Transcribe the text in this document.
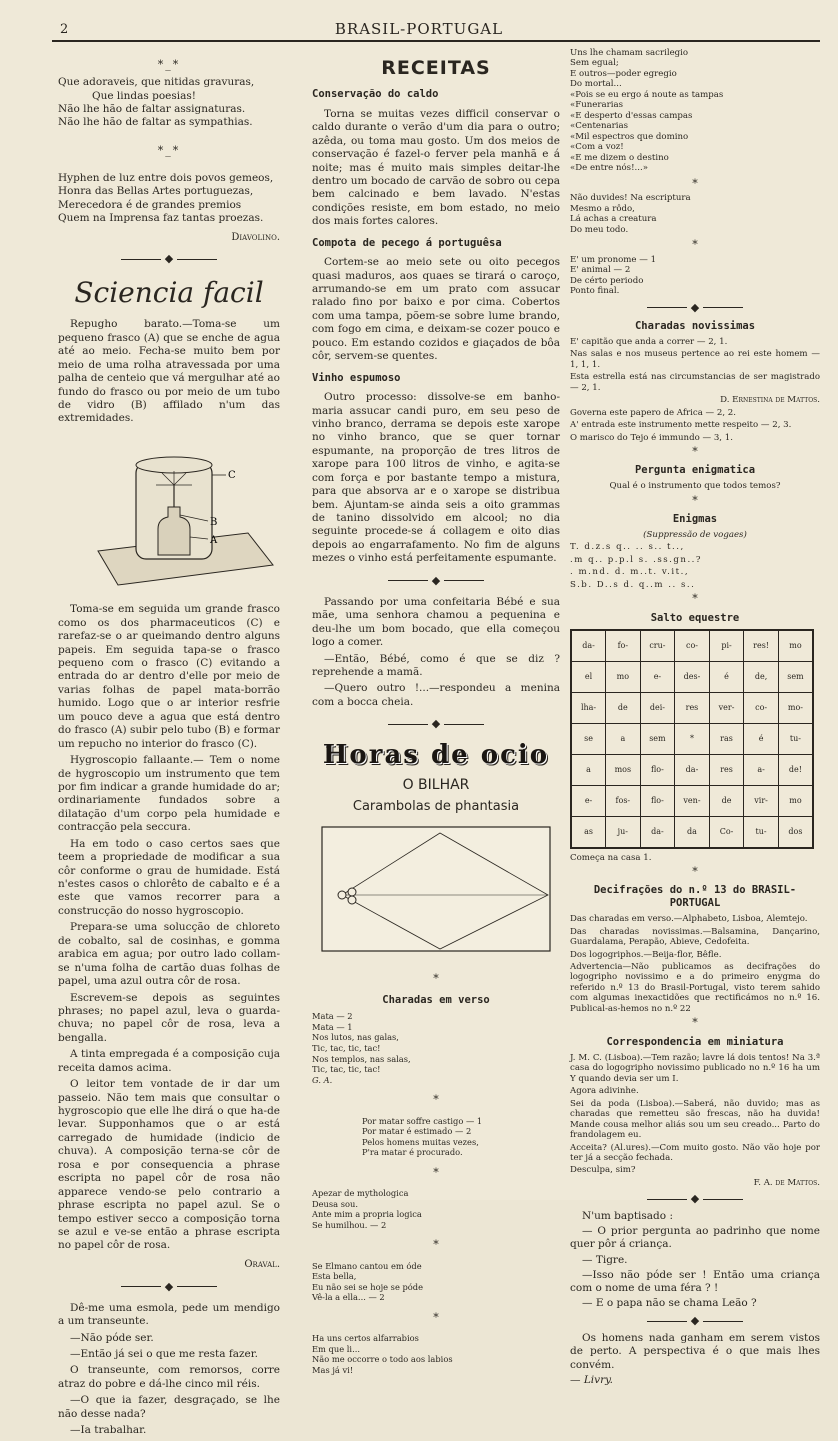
2	BRASIL-PORTUGAL
*_*

Que adoraveis, que nitidas gravuras,

Que lindas poesias!

Não lhe hão de faltar assignaturas.

Não lhe hão de faltar as sympathias.

*_*

Hyphen de luz entre dois povos gemeos,

Honra das Bellas Artes portuguezas,

Merecedora é de grandes premios

Quem na Imprensa faz tantas proezas.

Diavolino.
◆
Sciencia facil

Repugho barato.—Toma-se um pequeno frasco (A) que se enche de agua até ao meio. Fecha-se muito bem por meio de uma rolha atravessada por uma palha de centeio que vá mergulhar até ao fundo do frasco ou por meio de um tubo de vidro (B) affilado n'um das extremidades.

C
B
A

Toma-se em seguida um grande frasco como os dos pharmaceuticos (C) e rarefaz-se o ar queimando dentro alguns papeis. Em seguida tapa-se o frasco pequeno com o frasco (C) evitando a entrada do ar dentro d'elle por meio de varias folhas de papel mata-borrão humido. Logo que o ar interior resfrie um pouco deve a agua que está dentro do frasco (A) subir pelo tubo (B) e formar um repucho no interior do frasco (C).

Hygroscopio fallaante.— Tem o nome de hygroscopio um instrumento que tem por fim indicar a grande humidade do ar; ordinariamente fundados sobre a dilatação d'um corpo pela humidade e contracção pela seccura.

Ha em todo o caso certos saes que teem a propriedade de modificar a sua côr conforme o grau de humidade. Está n'estes casos o chlorêto de cabalto e é a este que vamos recorrer para a construcção do nosso hygroscopio.

Prepara-se uma solucção de chloreto de cobalto, sal de cosinhas, e gomma arabica em agua; por outro lado collam-se n'uma folha de cartão duas folhas de papel, uma azul outra côr de rosa.

Escrevem-se depois as seguintes phrases; no papel azul, leva o guarda-chuva; no papel côr de rosa, leva a bengalla.

A tinta empregada é a composição cuja receita damos acima.

O leitor tem vontade de ir dar um passeio. Não tem mais que consultar o hygroscopio que elle lhe dirá o que ha-de levar. Supponhamos que o ar está carregado de humidade (indicio de chuva). A composição terna-se côr de rosa e por consequencia a phrase escripta no papel côr de rosa não apparece vendo-se pelo contrario a phrase escripta no papel azul. Se o tempo estiver secco a composição torna se azul e ve-se então a phrase escripta no papel côr de rosa.

Oraval.
◆

Dê-me uma esmola, pede um mendigo a um transeunte.

—Não póde ser.

—Então já sei o que me resta fazer.

O transeunte, com remorsos, corre atraz do pobre e dá-lhe cinco mil réis.

—O que ia fazer, desgraçado, se lhe não desse nada?

—Ia trabalhar.

RECEITAS
Conservação do caldo

Torna se muitas vezes difficil conservar o caldo durante o verão d'um dia para o outro; azêda, ou toma mau gosto. Um dos meios de conservação é fazel-o ferver pela manhã e á noite; mas é muito mais simples deitar-lhe dentro um bocado de carvão de sobro ou cepa bem calcinado e bem lavado. N'estas condições resiste, em bom estado, no meio dos mais fortes calores.

Compota de pecego á portuguêsa

Cortem-se ao meio sete ou oito pecegos quasi maduros, aos quaes se tirará o caroço, arrumando-se em um prato com assucar ralado fino por baixo e por cima. Cobertos com uma tampa, põem-se sobre lume brando, com fogo em cima, e deixam-se cozer pouco e pouco. Em estando cozidos e giaçados de bôa côr, servem-se quentes.

Vinho espumoso

Outro processo: dissolve-se em banho-maria assucar candi puro, em seu peso de vinho branco, derrama se depois este xarope no vinho branco, que se quer tornar espumante, na proporção de tres litros de xarope para 100 litros de vinho, e agita-se com força e por bastante tempo a mistura, para que absorva ar e o xarope se distribua bem. Ajuntam-se ainda seis a oito grammas de tanino dissolvido em alcool; no dia seguinte procede-se á collagem e oito dias depois ao engarrafamento. No fim de alguns mezes o vinho está perfeitamente espumante.

◆

Passando por uma confeitaria Bébé e sua mãe, uma senhora chamou a pequenina e deu-lhe um bom bocado, que ella começou logo a comer.

—Então, Bébé, como é que se diz ? reprehende a mamã.

—Quero outro !...—respondeu a menina com a bocca cheia.

◆
Horas de ocio
O BILHAR
Carambolas de phantasia
*
Charadas em verso

Mata — 2

Mata — 1

Nos lutos, nas galas,

Tic, tac, tic, tac!

Nos templos, nas salas,

Tic, tac, tic, tac!

G. A.

*

Por matar soffre castigo — 1

Por matar é estimado — 2

Pelos homens muitas vezes,

P'ra matar é procurado.

*

Apezar de mythologica

Deusa sou.

Ante mim a propria logica

Se humilhou. — 2

*

Se Elmano cantou em óde

Esta bella,

Eu não sei se hoje se póde

Vê-la a ella... — 2

*

Ha uns certos alfarrabios

Em que li...

Não me occorre o todo aos labios

Mas já vi!

Uns lhe chamam sacrilegio

Sem egual;

E outros—poder egregio

Do mortal...

«Pois se eu ergo á noute as tampas

«Funerarias

«E desperto d'essas campas

«Centenarias

«Mil espectros que domino

«Com a voz!

«E me dizem o destino

«De entre nós!...»

*

Não duvides! Na escriptura

Mesmo a rôdo,

Lá achas a creatura

Do meu todo.

*

E' um pronome — 1

E' animal — 2

De cérto periodo

Ponto final.

◆
Charadas novissimas

E' capitão que anda a correr — 2, 1.

Nas salas e nos museus pertence ao rei este homem — 1, 1, 1.

Esta estrella está nas circumstancias de ser magistrado — 2, 1.

D. Ernestina de Mattos.

Governa este papero de Africa — 2, 2.

A' entrada este instrumento mette respeito — 2, 3.

O marisco do Tejo é immundo — 3, 1.

*
Pergunta enigmatica

Qual é o instrumento que todos temos?

*
Enigmas

(Suppressão de vogaes)

T. d.z.s q.. .. s.. t..,

.m q.. p.p.l s. .ss.gn..?

. m.nd. d. m..t. v.it.,

S.b. D..s d. q..m .. s..

*
Salto equestre
da-	fo-	cru-	co-	pi-	res!	mo
el	mo	e-	des-	é	de,	sem
lha-	de	dei-	res	ver-	co-	mo-
se	a	sem	*	ras	é	tu-
a	mos	flo-	da-	res	a-	de!
e-	fos-	flo-	ven-	de	vir-	mo
as	ju-	da-	da	Co-	tu-	dos

Começa na casa 1.

*
Decifrações do n.º 13 do BRASIL-PORTUGAL

Das charadas em verso.—Alphabeto, Lisboa, Alemtejo.

Das charadas novissimas.—Balsamina, Dançarino, Guardalama, Perapão, Abieve, Cedofeita.

Dos logogriphos.—Beija-flor, Bêfle.

Advertencia—Não publicamos as decifrações do logogripho novissimo e a do primeiro enygma do referido n.º 13 do Brasil-Portugal, visto terem sahido com algumas inexactidões que rectificámos no n.º 16. Publical-as-hemos no n.º 22

*
Correspondencia em miniatura

J. M. C. (Lisboa).—Tem razão; lavre lá dois tentos! Na 3.ª casa do logogripho novissimo publicado no n.º 16 ha um Y quando devia ser um I.

Agora adivinhe.

Sei da poda (Lisboa).—Saberá, não duvido; mas as charadas que remetteu são frescas, não ha duvida! Mande cousa melhor aliás sou um seu creado... Parto do frandolagem eu.

Acceita? (Al.ures).—Com muito gosto. Não vão hoje por ter já a secção fechada.

Desculpa, sim?

F. A. de Mattos.

◆

N'um baptisado :

— O prior pergunta ao padrinho que nome quer pôr á criança.

— Tigre.

—Isso não póde ser ! Então uma criança com o nome de uma féra ? !

— E o papa não se chama Leão ?

◆

Os homens nada ganham em serem vistos de perto. A perspectiva é o que mais lhes convém.

— Livry.
